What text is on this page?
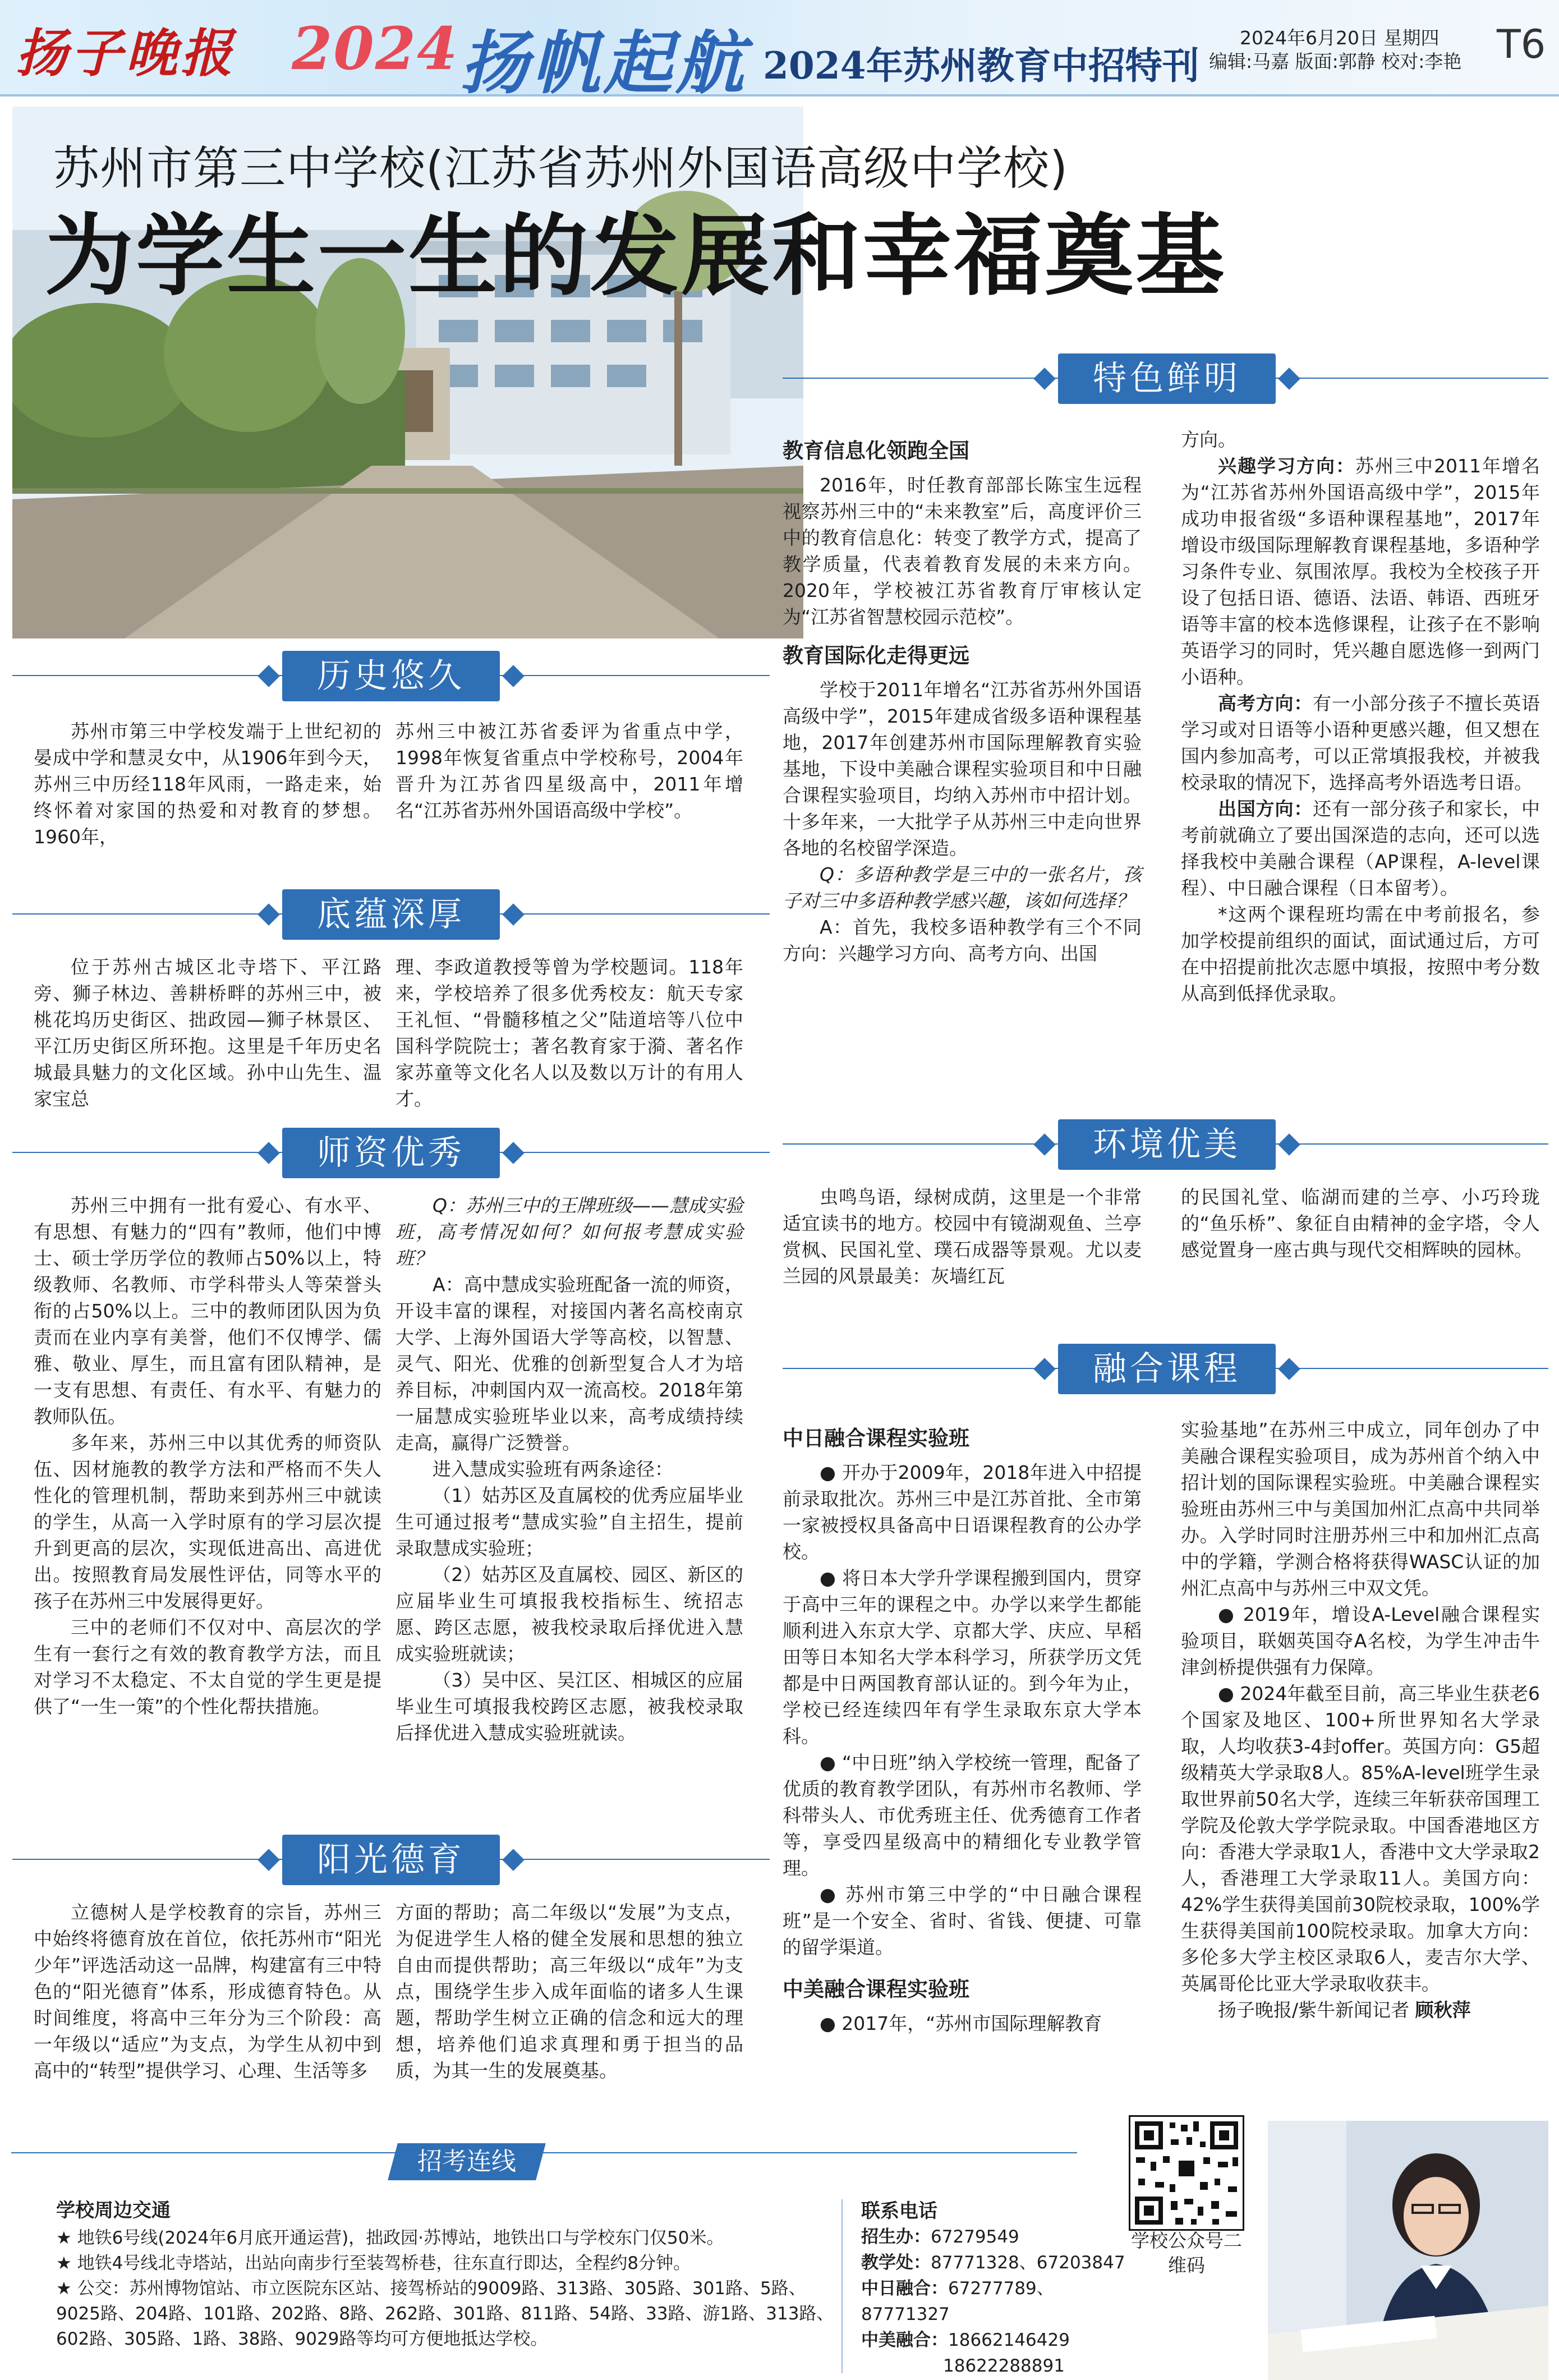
扬子晚报 2024 扬帆起航 2024年苏州教育中招特刊
2024年6月20日 星期四
编辑:马嘉 版面:郭静 校对:李艳 T6
苏州市第三中学校(江苏省苏州外国语高级中学校)
为学生一生的发展和幸福奠基
历史悠久
底蕴深厚
师资优秀
阳光德育
特色鲜明
环境优美
融合课程

苏州市第三中学校发端于上世纪初的晏成中学和慧灵女中，从1906年到今天，苏州三中历经118年风雨，一路走来，始终怀着对家国的热爱和对教育的梦想。1960年，

苏州三中被江苏省委评为省重点中学，1998年恢复省重点中学校称号，2004年晋升为江苏省四星级高中，2011年增名“江苏省苏州外国语高级中学校”。

位于苏州古城区北寺塔下、平江路旁、狮子林边、善耕桥畔的苏州三中，被桃花坞历史街区、拙政园—狮子林景区、平江历史街区所环抱。这里是千年历史名城最具魅力的文化区域。孙中山先生、温家宝总

理、李政道教授等曾为学校题词。118年来，学校培养了很多优秀校友：航天专家王礼恒、“骨髓移植之父”陆道培等八位中国科学院院士；著名教育家于漪、著名作家苏童等文化名人以及数以万计的有用人才。

苏州三中拥有一批有爱心、有水平、有思想、有魅力的“四有”教师，他们中博士、硕士学历学位的教师占50%以上，特级教师、名教师、市学科带头人等荣誉头衔的占50%以上。三中的教师团队因为负责而在业内享有美誉，他们不仅博学、儒雅、敬业、厚生，而且富有团队精神，是一支有思想、有责任、有水平、有魅力的教师队伍。

多年来，苏州三中以其优秀的师资队伍、因材施教的教学方法和严格而不失人性化的管理机制，帮助来到苏州三中就读的学生，从高一入学时原有的学习层次提升到更高的层次，实现低进高出、高进优出。按照教育局发展性评估，同等水平的孩子在苏州三中发展得更好。

三中的老师们不仅对中、高层次的学生有一套行之有效的教育教学方法，而且对学习不太稳定、不太自觉的学生更是提供了“一生一策”的个性化帮扶措施。

Q：苏州三中的王牌班级——慧成实验班，高考情况如何？如何报考慧成实验班？

A：高中慧成实验班配备一流的师资，开设丰富的课程，对接国内著名高校南京大学、上海外国语大学等高校，以智慧、灵气、阳光、优雅的创新型复合人才为培养目标，冲刺国内双一流高校。2018年第一届慧成实验班毕业以来，高考成绩持续走高，赢得广泛赞誉。

进入慧成实验班有两条途径：

（1）姑苏区及直属校的优秀应届毕业生可通过报考“慧成实验”自主招生，提前录取慧成实验班；

（2）姑苏区及直属校、园区、新区的应届毕业生可填报我校指标生、统招志愿、跨区志愿，被我校录取后择优进入慧成实验班就读；

（3）吴中区、吴江区、相城区的应届毕业生可填报我校跨区志愿，被我校录取后择优进入慧成实验班就读。

立德树人是学校教育的宗旨，苏州三中始终将德育放在首位，依托苏州市“阳光少年”评选活动这一品牌，构建富有三中特色的“阳光德育”体系，形成德育特色。从时间维度，将高中三年分为三个阶段：高一年级以“适应”为支点，为学生从初中到高中的“转型”提供学习、心理、生活等多

方面的帮助；高二年级以“发展”为支点，为促进学生人格的健全发展和思想的独立自由而提供帮助；高三年级以“成年”为支点，围绕学生步入成年面临的诸多人生课题，帮助学生树立正确的信念和远大的理想，培养他们追求真理和勇于担当的品质，为其一生的发展奠基。

教育信息化领跑全国

2016年，时任教育部部长陈宝生远程视察苏州三中的“未来教室”后，高度评价三中的教育信息化：转变了教学方式，提高了教学质量，代表着教育发展的未来方向。2020年，学校被江苏省教育厅审核认定为“江苏省智慧校园示范校”。

教育国际化走得更远

学校于2011年增名“江苏省苏州外国语高级中学”，2015年建成省级多语种课程基地，2017年创建苏州市国际理解教育实验基地，下设中美融合课程实验项目和中日融合课程实验项目，均纳入苏州市中招计划。十多年来，一大批学子从苏州三中走向世界各地的名校留学深造。

Q：多语种教学是三中的一张名片，孩子对三中多语种教学感兴趣，该如何选择？

A：首先，我校多语种教学有三个不同方向：兴趣学习方向、高考方向、出国

方向。

兴趣学习方向：苏州三中2011年增名为“江苏省苏州外国语高级中学”，2015年成功申报省级“多语种课程基地”，2017年增设市级国际理解教育课程基地，多语种学习条件专业、氛围浓厚。我校为全校孩子开设了包括日语、德语、法语、韩语、西班牙语等丰富的校本选修课程，让孩子在不影响英语学习的同时，凭兴趣自愿选修一到两门小语种。

高考方向：有一小部分孩子不擅长英语学习或对日语等小语种更感兴趣，但又想在国内参加高考，可以正常填报我校，并被我校录取的情况下，选择高考外语选考日语。

出国方向：还有一部分孩子和家长，中考前就确立了要出国深造的志向，还可以选择我校中美融合课程（AP课程，A-level课程）、中日融合课程（日本留考）。

*这两个课程班均需在中考前报名，参加学校提前组织的面试，面试通过后，方可在中招提前批次志愿中填报，按照中考分数从高到低择优录取。

虫鸣鸟语，绿树成荫，这里是一个非常适宜读书的地方。校园中有镜湖观鱼、兰亭赏枫、民国礼堂、璞石成器等景观。尤以麦兰园的风景最美：灰墙红瓦

的民国礼堂、临湖而建的兰亭、小巧玲珑的“鱼乐桥”、象征自由精神的金字塔，令人感觉置身一座古典与现代交相辉映的园林。

中日融合课程实验班

● 开办于2009年，2018年进入中招提前录取批次。苏州三中是江苏首批、全市第一家被授权具备高中日语课程教育的公办学校。

● 将日本大学升学课程搬到国内，贯穿于高中三年的课程之中。办学以来学生都能顺利进入东京大学、京都大学、庆应、早稻田等日本知名大学本科学习，所获学历文凭都是中日两国教育部认证的。到今年为止，学校已经连续四年有学生录取东京大学本科。

● “中日班”纳入学校统一管理，配备了优质的教育教学团队，有苏州市名教师、学科带头人、市优秀班主任、优秀德育工作者等，享受四星级高中的精细化专业教学管理。

● 苏州市第三中学的“中日融合课程班”是一个安全、省时、省钱、便捷、可靠的留学渠道。

中美融合课程实验班

● 2017年，“苏州市国际理解教育

实验基地”在苏州三中成立，同年创办了中美融合课程实验项目，成为苏州首个纳入中招计划的国际课程实验班。中美融合课程实验班由苏州三中与美国加州汇点高中共同举办。入学时同时注册苏州三中和加州汇点高中的学籍，学测合格将获得WASC认证的加州汇点高中与苏州三中双文凭。

● 2019年，增设A-Level融合课程实验项目，联姻英国夺A名校，为学生冲击牛津剑桥提供强有力保障。

● 2024年截至目前，高三毕业生获老6个国家及地区、100+所世界知名大学录取，人均收获3-4封offer。英国方向：G5超级精英大学录取8人。85%A-level班学生录取世界前50名大学，连续三年斩获帝国理工学院及伦敦大学学院录取。中国香港地区方向：香港大学录取1人，香港中文大学录取2人，香港理工大学录取11人。美国方向：42%学生获得美国前30院校录取，100%学生获得美国前100院校录取。加拿大方向：多伦多大学主校区录取6人，麦吉尔大学、英属哥伦比亚大学录取收获丰。

扬子晚报/紫牛新闻记者 顾秋萍

招考连线
学校周边交通
★ 地铁6号线(2024年6月底开通运营)，拙政园·苏博站，地铁出口与学校东门仅50米。
★ 地铁4号线北寺塔站，出站向南步行至装驾桥巷，往东直行即达，全程约8分钟。
★ 公交：苏州博物馆站、市立医院东区站、接驾桥站的9009路、313路、305路、301路、5路、9025路、204路、101路、202路、8路、262路、301路、811路、54路、33路、游1路、313路、602路、305路、1路、38路、9029路等均可方便地抵达学校。
联系电话
招生办：67279549
教学处：87771328、67203847
中日融合：67277789、87771327
中美融合：18662146429
18622288891
学校公众号二维码
